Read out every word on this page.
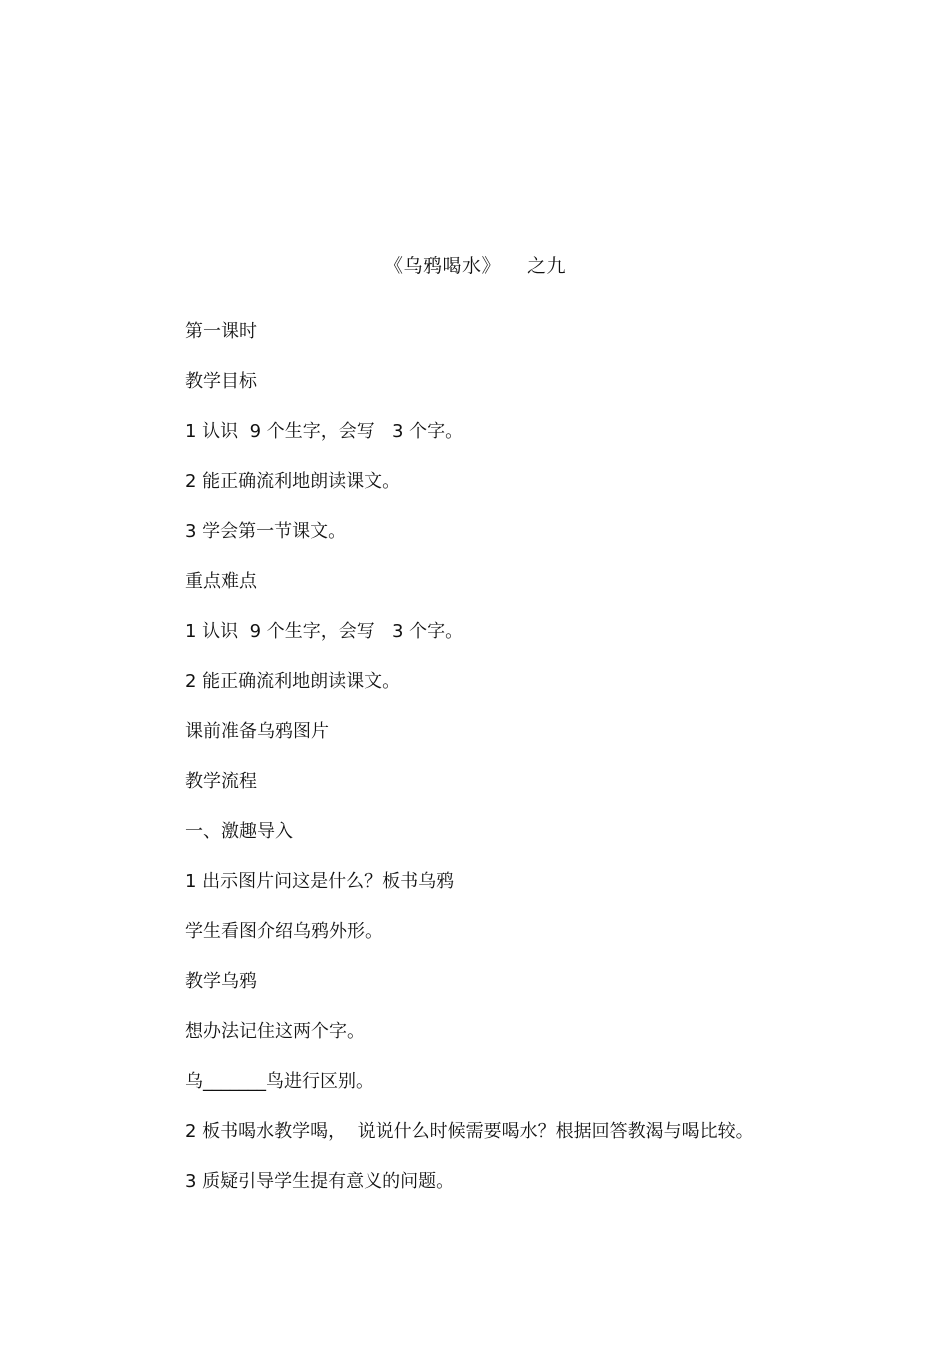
《乌鸦喝水》 之九
第一课时
教学目标
1 认识  9 个生字，会写   3 个字。
2 能正确流利地朗读课文。
3 学会第一节课文。
重点难点
1 认识  9 个生字，会写   3 个字。
2 能正确流利地朗读课文。
课前准备乌鸦图片
教学流程
一、激趣导入
1 出示图片问这是什么？板书乌鸦
学生看图介绍乌鸦外形。
教学乌鸦
想办法记住这两个字。
乌_______鸟进行区别。
2 板书喝水教学喝，  说说什么时候需要喝水？根据回答教渴与喝比较。
3 质疑引导学生提有意义的问题。
